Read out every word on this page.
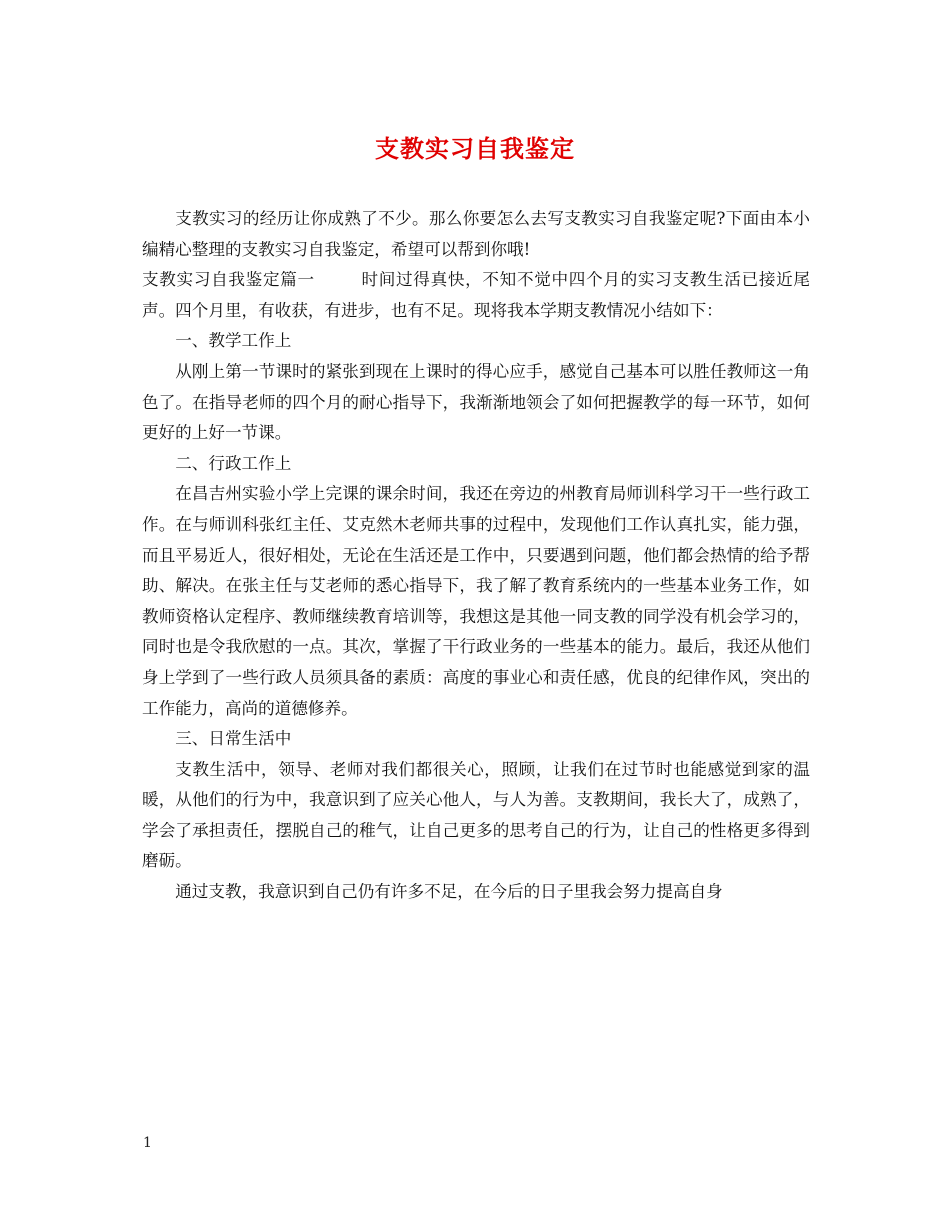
支教实习自我鉴定

支教实习的经历让你成熟了不少。那么你要怎么去写支教实习自我鉴定呢?下面由本小编精心整理的支教实习自我鉴定，希望可以帮到你哦!

支教实习自我鉴定篇一	时间过得真快，不知不觉中四个月的实习支教生活已接近尾声。四个月里，有收获，有进步，也有不足。现将我本学期支教情况小结如下：

一、教学工作上

从刚上第一节课时的紧张到现在上课时的得心应手，感觉自己基本可以胜任教师这一角色了。在指导老师的四个月的耐心指导下，我渐渐地领会了如何把握教学的每一环节，如何更好的上好一节课。

二、行政工作上

在昌吉州实验小学上完课的课余时间，我还在旁边的州教育局师训科学习干一些行政工作。在与师训科张红主任、艾克然木老师共事的过程中，发现他们工作认真扎实，能力强，而且平易近人，很好相处，无论在生活还是工作中，只要遇到问题，他们都会热情的给予帮助、解决。在张主任与艾老师的悉心指导下，我了解了教育系统内的一些基本业务工作，如教师资格认定程序、教师继续教育培训等，我想这是其他一同支教的同学没有机会学习的，同时也是令我欣慰的一点。其次，掌握了干行政业务的一些基本的能力。最后，我还从他们身上学到了一些行政人员须具备的素质：高度的事业心和责任感，优良的纪律作风，突出的工作能力，高尚的道德修养。

三、日常生活中

支教生活中，领导、老师对我们都很关心，照顾，让我们在过节时也能感觉到家的温暖，从他们的行为中，我意识到了应关心他人，与人为善。支教期间，我长大了，成熟了，学会了承担责任，摆脱自己的稚气，让自己更多的思考自己的行为，让自己的性格更多得到磨砺。

通过支教，我意识到自己仍有许多不足，在今后的日子里我会努力提高自身

1
